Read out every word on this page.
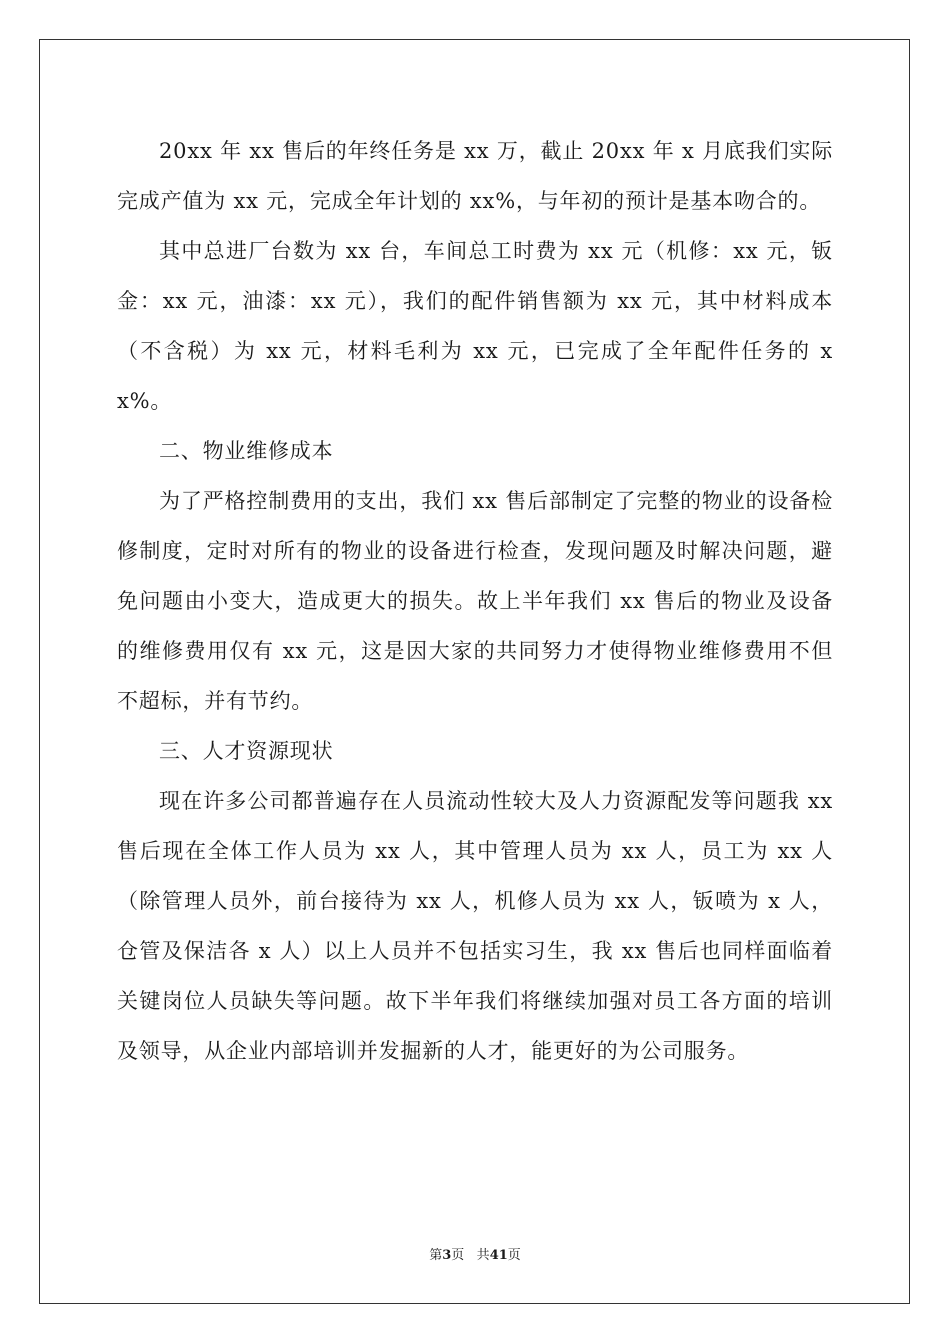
20xx 年 xx 售后的年终任务是 xx 万，截止 20xx 年 x 月底我们实际完成产值为 xx 元，完成全年计划的 xx%，与年初的预计是基本吻合的。

其中总进厂台数为 xx 台，车间总工时费为 xx 元（机修：xx 元，钣金：xx 元，油漆：xx 元），我们的配件销售额为 xx 元，其中材料成本（不含税）为 xx 元，材料毛利为 xx 元，已完成了全年配件任务的 xx%。

二、物业维修成本

为了严格控制费用的支出，我们 xx 售后部制定了完整的物业的设备检修制度，定时对所有的物业的设备进行检查，发现问题及时解决问题，避免问题由小变大，造成更大的损失。故上半年我们 xx 售后的物业及设备的维修费用仅有 xx 元，这是因大家的共同努力才使得物业维修费用不但不超标，并有节约。

三、人才资源现状

现在许多公司都普遍存在人员流动性较大及人力资源配发等问题我 xx 售后现在全体工作人员为 xx 人，其中管理人员为 xx 人，员工为 xx 人（除管理人员外，前台接待为 xx 人，机修人员为 xx 人，钣喷为 x 人，仓管及保洁各 x 人）以上人员并不包括实习生，我 xx 售后也同样面临着关键岗位人员缺失等问题。故下半年我们将继续加强对员工各方面的培训及领导，从企业内部培训并发掘新的人才，能更好的为公司服务。

第3页 共41页
